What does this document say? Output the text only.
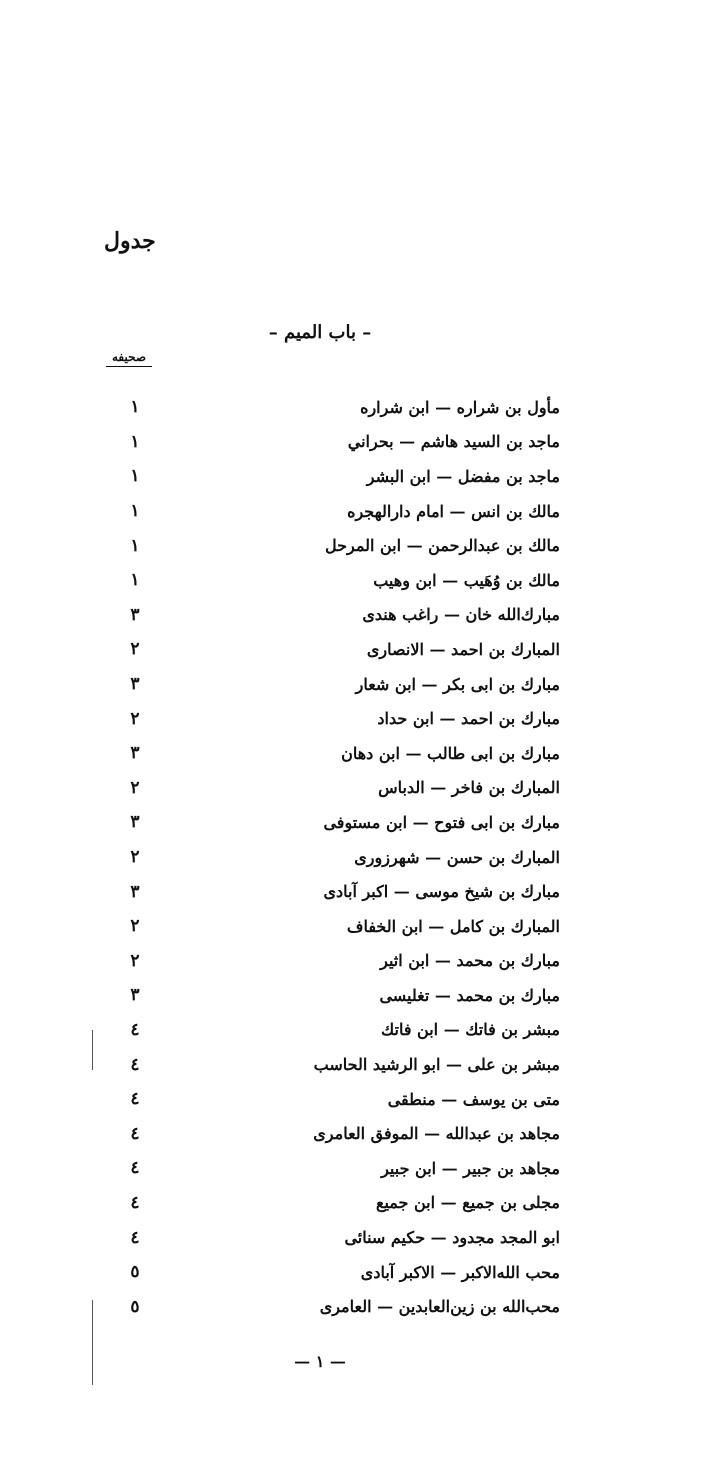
جدول
– باب الميم –
صحيفه
١	مأول بن شراره — ابن شراره
١	ماجد بن السيد هاشم — بحراني
١	ماجد بن مفضل — ابن البشر
١	مالك بن انس — امام دارالهجره
١	مالك بن عبدالرحمن — ابن المرحل
١	مالك بن وُهَيب — ابن وهيب
٣	مبارك‌الله خان — راغب هندی
٢	المبارك بن احمد — الانصاری
٣	مبارك بن ابی بكر — ابن شعار
٢	مبارك بن احمد — ابن حداد
٣	مبارك بن ابی طالب — ابن دهان
٢	المبارك بن فاخر — الدباس
٣	مبارك بن ابی فتوح — ابن مستوفی
٢	المبارك بن حسن — شهرزوری
٣	مبارك بن شیخ موسی — اكبر آبادی
٢	المبارك بن كامل — ابن الخفاف
٢	مبارك بن محمد — ابن اثیر
٣	مبارك بن محمد — تغلیسی
٤	مبشر بن فاتك — ابن فاتك
٤	مبشر بن علی — ابو الرشید الحاسب
٤	متی بن یوسف — منطقی
٤	مجاهد بن عبدالله — الموفق العامری
٤	مجاهد بن جبیر — ابن جبیر
٤	مجلی بن جمیع — ابن جمیع
٤	ابو المجد مجدود — حكیم سنائی
٥	محب الله‌الاكبر — الاكبر آبادی
٥	محب‌الله بن زین‌العابدین — العامری
— ١ —
